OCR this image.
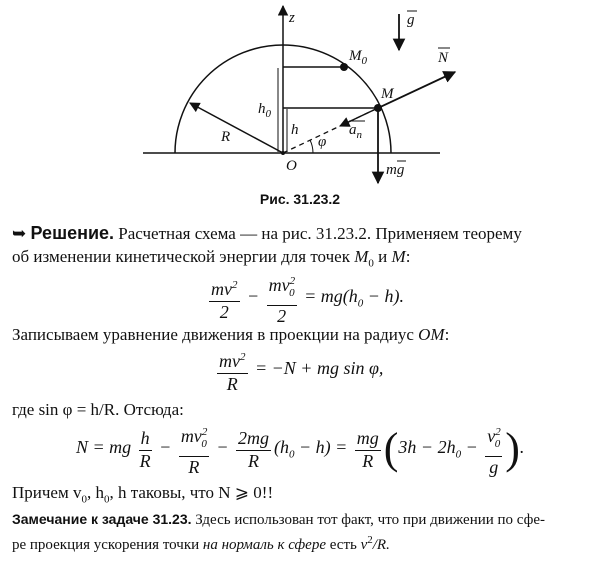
z	g
N
$M_0$
M
R
$h_0$
h
O
φ
$a_n$
mg
Рис. 31.23.2
➥ Решение. Расчетная схема — на рис. 31.23.2. Применяем теорему
об изменении кинетической энергии для точек $M_0$ и M:
$\frac{mv^2}{2} - \frac{mv^2_0}{2} = mg(h_0 - h)$.
Записываем уравнение движения в проекции на радиус OM:
$\frac{mv^2}{R} = -N$ + mg sin φ,
где sin φ = h/R. Отсюда:
N = mg $\frac{h}{R} - \frac{mv^2_0}{R} - \frac{2mg}{R} (h_0 - h) = \frac{mg}{R} (3h - 2h_0 - \frac{v^2_0}{g}$ ).
Причем $v_0$, $h_0$, h таковы, что N ⩾ 0!!
Замечание к задаче 31.23. Здесь использован тот факт, что при движении по сфе-
ре проекция ускорения точки на нормаль к сфере есть $v^2/R$.
